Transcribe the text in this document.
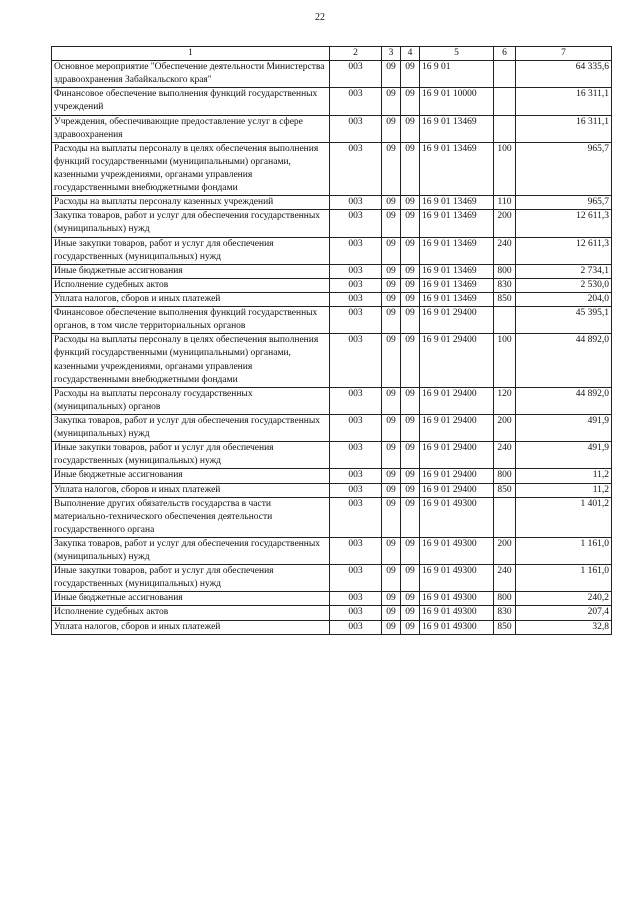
22
1	2	3	4	5	6	7
Основное мероприятие "Обеспечение деятельности Министерства здравоохранения Забайкальского края"	003	09	09	16 9 01		64 335,6
Финансовое обеспечение выполнения функций государственных учреждений	003	09	09	16 9 01 10000		16 311,1
Учреждения, обеспечивающие предоставление услуг в сфере здравоохранения	003	09	09	16 9 01 13469		16 311,1
Расходы на выплаты персоналу в целях обеспечения выполнения функций государственными (муниципальными) органами, казенными учреждениями, органами управления государственными внебюджетными фондами	003	09	09	16 9 01 13469	100	965,7
Расходы на выплаты персоналу казенных учреждений	003	09	09	16 9 01 13469	110	965,7
Закупка товаров, работ и услуг для обеспечения государственных (муниципальных) нужд	003	09	09	16 9 01 13469	200	12 611,3
Иные закупки товаров, работ и услуг для обеспечения государственных (муниципальных) нужд	003	09	09	16 9 01 13469	240	12 611,3
Иные бюджетные ассигнования	003	09	09	16 9 01 13469	800	2 734,1
Исполнение судебных актов	003	09	09	16 9 01 13469	830	2 530,0
Уплата налогов, сборов и иных платежей	003	09	09	16 9 01 13469	850	204,0
Финансовое обеспечение выполнения функций государственных органов, в том числе территориальных органов	003	09	09	16 9 01 29400		45 395,1
Расходы на выплаты персоналу в целях обеспечения выполнения функций государственными (муниципальными) органами, казенными учреждениями, органами управления государственными внебюджетными фондами	003	09	09	16 9 01 29400	100	44 892,0
Расходы на выплаты персоналу государственных (муниципальных) органов	003	09	09	16 9 01 29400	120	44 892,0
Закупка товаров, работ и услуг для обеспечения государственных (муниципальных) нужд	003	09	09	16 9 01 29400	200	491,9
Иные закупки товаров, работ и услуг для обеспечения государственных (муниципальных) нужд	003	09	09	16 9 01 29400	240	491,9
Иные бюджетные ассигнования	003	09	09	16 9 01 29400	800	11,2
Уплата налогов, сборов и иных платежей	003	09	09	16 9 01 29400	850	11,2
Выполнение других обязательств государства в части материально-технического обеспечения деятельности государственного органа	003	09	09	16 9 01 49300		1 401,2
Закупка товаров, работ и услуг для обеспечения государственных (муниципальных) нужд	003	09	09	16 9 01 49300	200	1 161,0
Иные закупки товаров, работ и услуг для обеспечения государственных (муниципальных) нужд	003	09	09	16 9 01 49300	240	1 161,0
Иные бюджетные ассигнования	003	09	09	16 9 01 49300	800	240,2
Исполнение судебных актов	003	09	09	16 9 01 49300	830	207,4
Уплата налогов, сборов и иных платежей	003	09	09	16 9 01 49300	850	32,8
